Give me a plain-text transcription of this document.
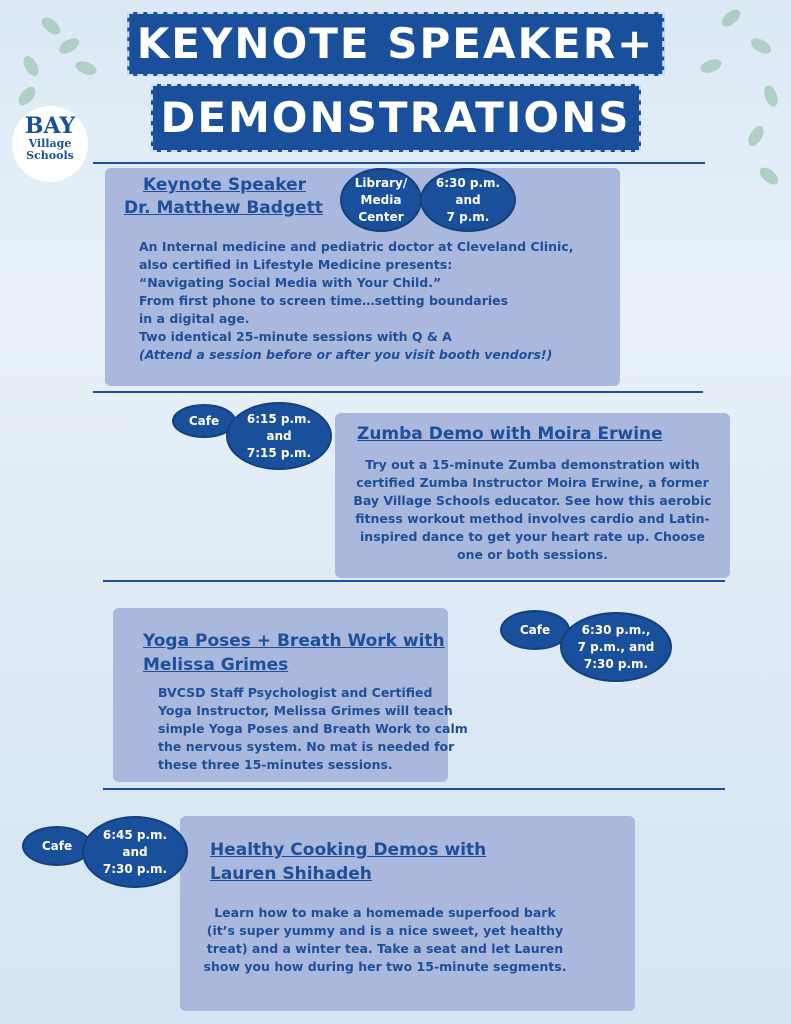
KEYNOTE SPEAKER+
DEMONSTRATIONS
BAY
Village
Schools
Keynote Speaker
Dr. Matthew Badgett
Library/
Media
Center
6:30 p.m.
and
7 p.m.
An Internal medicine and pediatric doctor at Cleveland Clinic,
also certified in Lifestyle Medicine presents:
“Navigating Social Media with Your Child.”
From first phone to screen time…setting boundaries
in a digital age.
Two identical 25-minute sessions with Q & A
(Attend a session before or after you visit booth vendors!)
Cafe 6:15 p.m.
and
7:15 p.m.
Zumba Demo with Moira Erwine
Try out a 15-minute Zumba demonstration with
certified Zumba Instructor Moira Erwine, a former
Bay Village Schools educator. See how this aerobic
fitness workout method involves cardio and Latin-
inspired dance to get your heart rate up. Choose
one or both sessions.
Yoga Poses + Breath Work with
Melissa Grimes
Cafe	6:30 p.m.,
7 p.m., and
7:30 p.m.
BVCSD Staff Psychologist and Certified
Yoga Instructor, Melissa Grimes will teach
simple Yoga Poses and Breath Work to calm
the nervous system. No mat is needed for
these three 15-minutes sessions.
Cafe
6:45 p.m.
and
7:30 p.m.
Healthy Cooking Demos with
Lauren Shihadeh
Learn how to make a homemade superfood bark
(it’s super yummy and is a nice sweet, yet healthy
treat) and a winter tea. Take a seat and let Lauren
show you how during her two 15-minute segments.
